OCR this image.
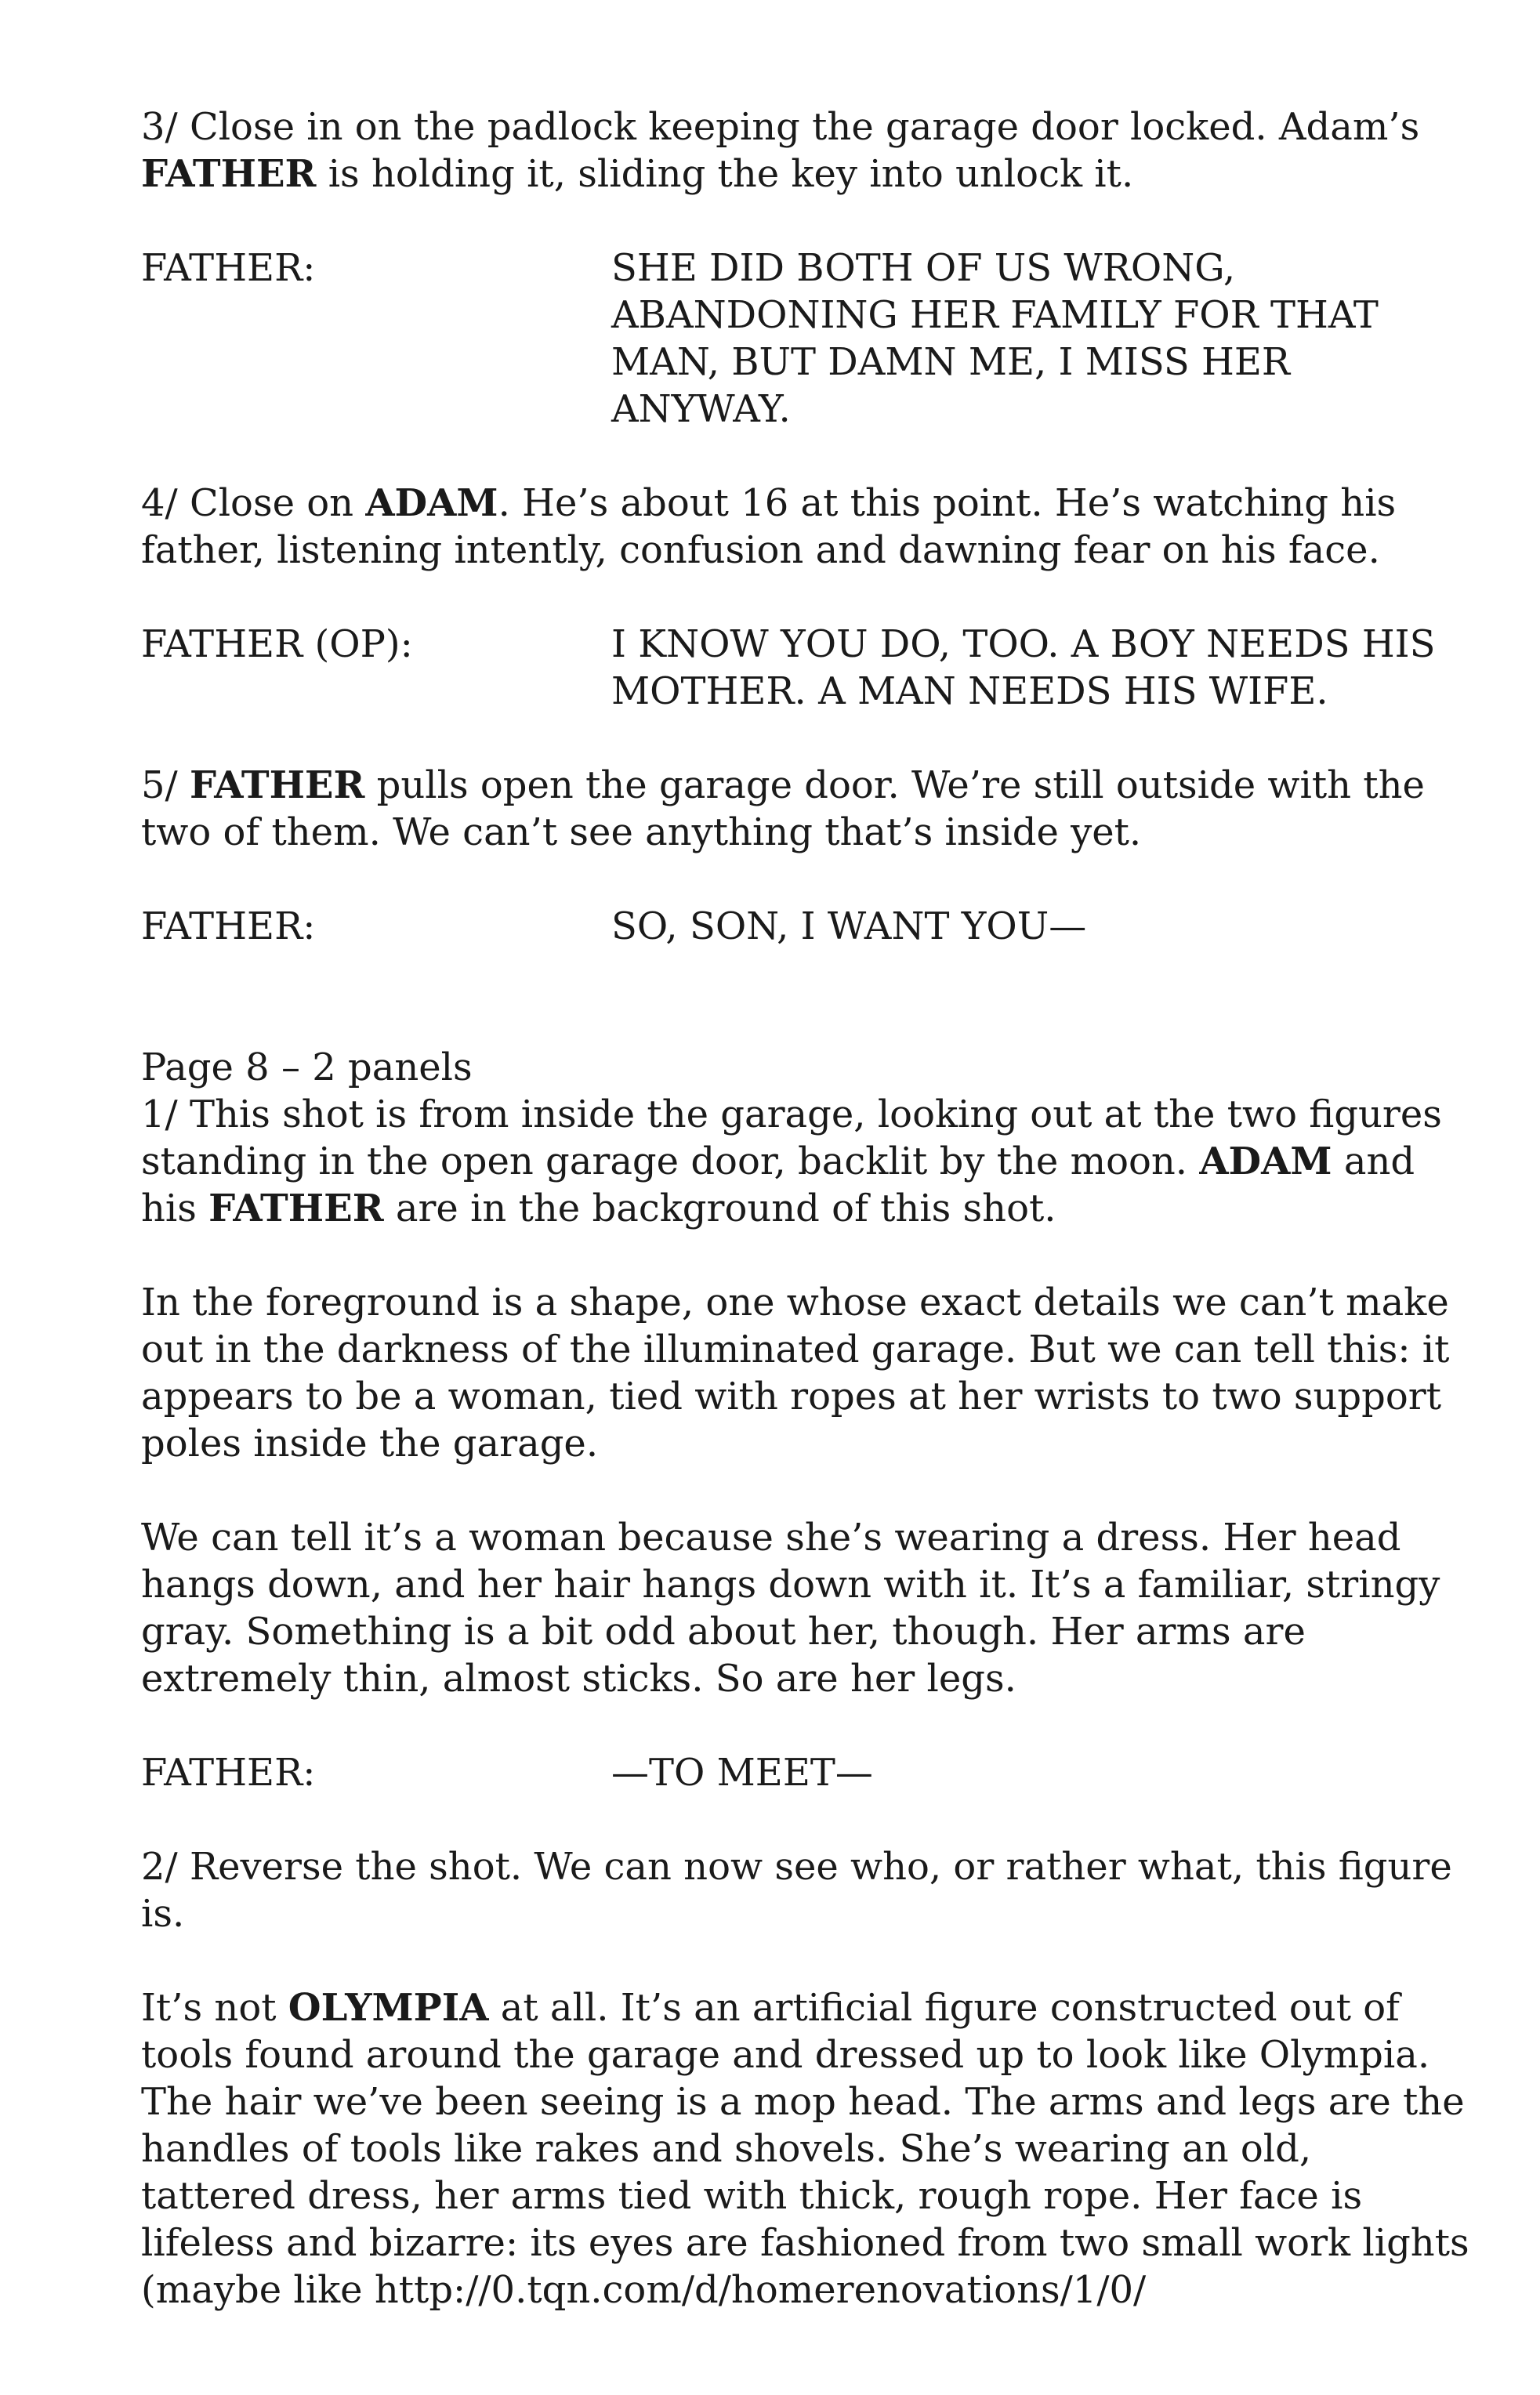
3/ Close in on the padlock keeping the garage door locked. Adam’s FATHER is holding it, sliding the key into unlock it.

FATHER:	SHE DID BOTH OF US WRONG, ABANDONING HER FAMILY FOR THAT MAN, BUT DAMN ME, I MISS HER ANYWAY.

4/ Close on ADAM. He’s about 16 at this point. He’s watching his father, listening intently, confusion and dawning fear on his face.

FATHER (OP):	I KNOW YOU DO, TOO. A BOY NEEDS HIS MOTHER. A MAN NEEDS HIS WIFE.

5/ FATHER pulls open the garage door. We’re still outside with the two of them. We can’t see anything that’s inside yet.

FATHER:	SO, SON, I WANT YOU—

Page 8 – 2 panels

1/ This shot is from inside the garage, looking out at the two figures standing in the open garage door, backlit by the moon. ADAM and his FATHER are in the background of this shot.

In the foreground is a shape, one whose exact details we can’t make out in the darkness of the illuminated garage. But we can tell this: it appears to be a woman, tied with ropes at her wrists to two support poles inside the garage.

We can tell it’s a woman because she’s wearing a dress. Her head hangs down, and her hair hangs down with it. It’s a familiar, stringy gray. Something is a bit odd about her, though. Her arms are extremely thin, almost sticks. So are her legs.

FATHER:	—TO MEET—

2/ Reverse the shot. We can now see who, or rather what, this figure is.

It’s not OLYMPIA at all. It’s an artificial figure constructed out of tools found around the garage and dressed up to look like Olympia. The hair we’ve been seeing is a mop head. The arms and legs are the handles of tools like rakes and shovels. She’s wearing an old, tattered dress, her arms tied with thick, rough rope. Her face is lifeless and bizarre: its eyes are fashioned from two small work lights (maybe like http://0.tqn.com/d/homerenovations/1/0/
